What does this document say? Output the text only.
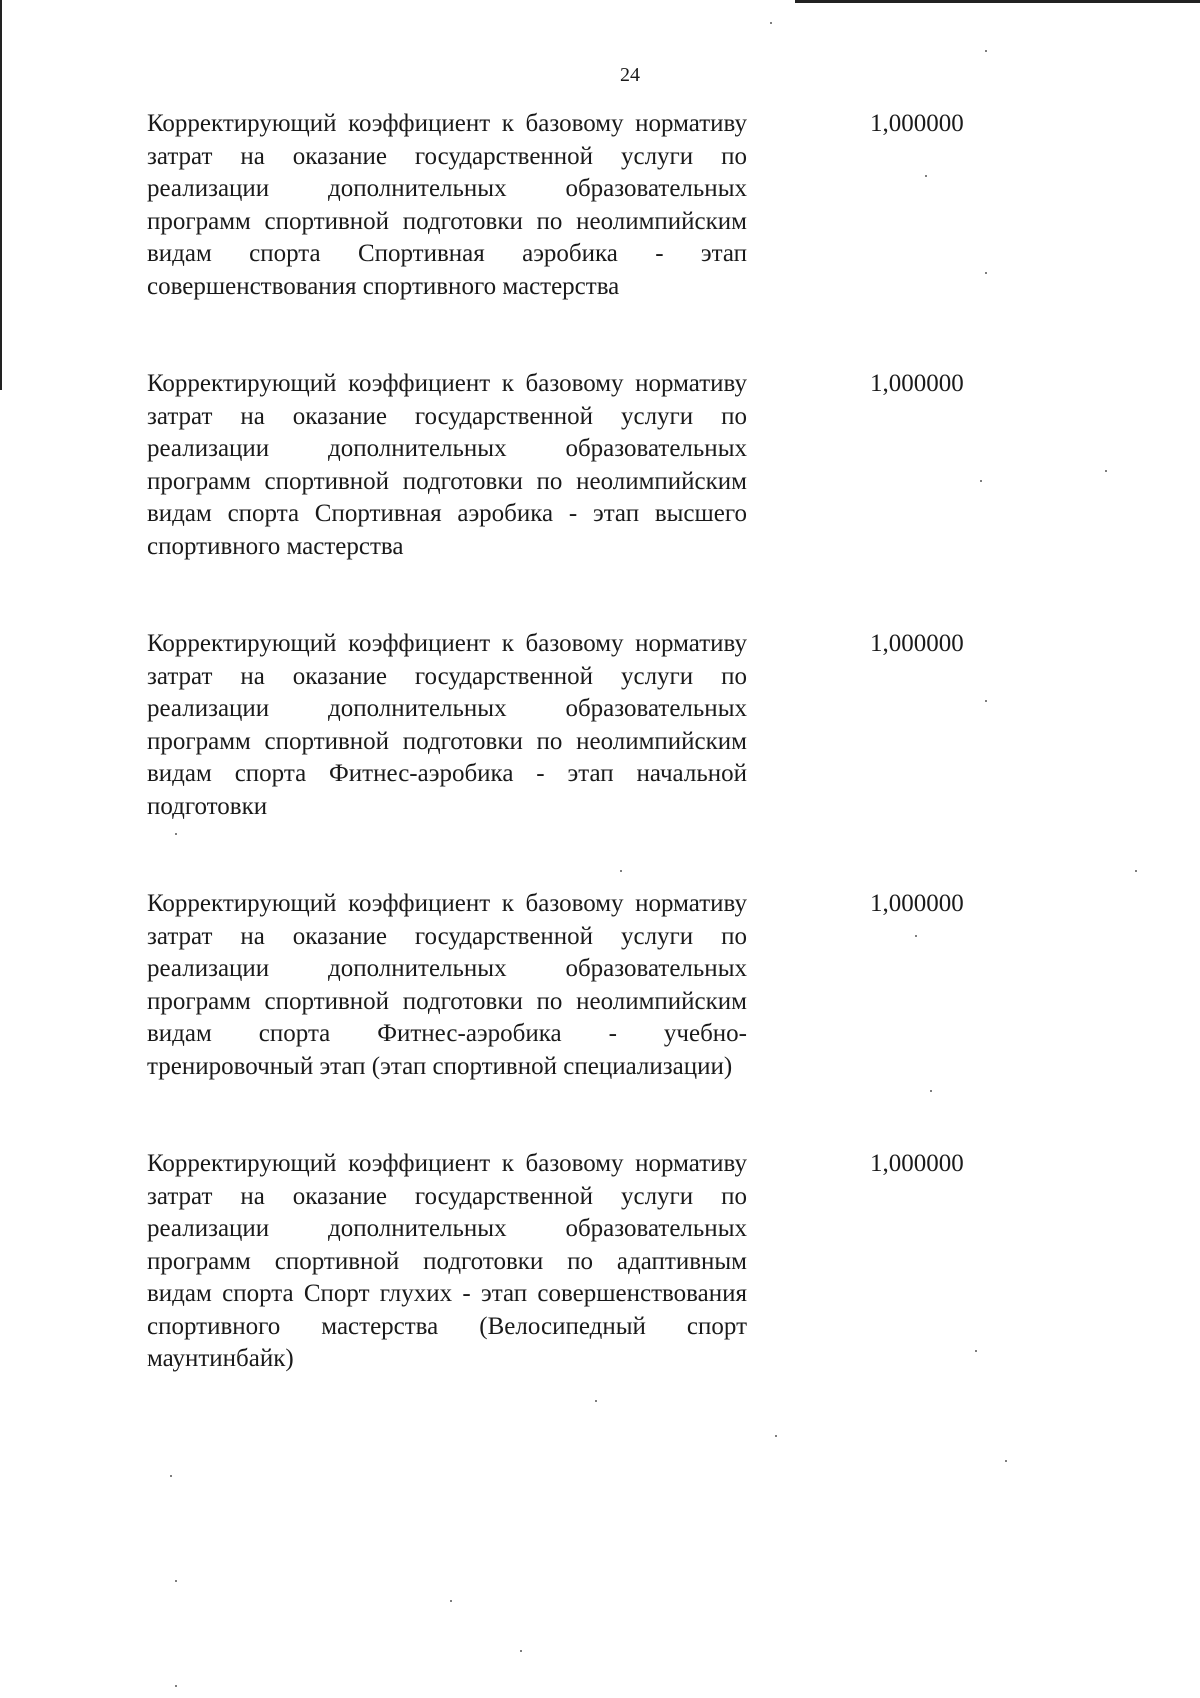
24
Корректирующий коэффициент к базовому нормативу затрат на оказание государственной услуги по реализации дополнительных образовательных программ спортивной подготовки по неолимпийским видам спорта Спортивная аэробика - этап совершенствования спортивного мастерства
1,000000
Корректирующий коэффициент к базовому нормативу затрат на оказание государственной услуги по реализации дополнительных образовательных программ спортивной подготовки по неолимпийским видам спорта Спортивная аэробика - этап высшего спортивного мастерства
1,000000
Корректирующий коэффициент к базовому нормативу затрат на оказание государственной услуги по реализации дополнительных образовательных программ спортивной подготовки по неолимпийским видам спорта Фитнес-аэробика - этап начальной подготовки
1,000000
Корректирующий коэффициент к базовому нормативу затрат на оказание государственной услуги по реализации дополнительных образовательных программ спортивной подготовки по неолимпийским видам спорта Фитнес-аэробика - учебно-тренировочный этап (этап спортивной специализации)
1,000000
Корректирующий коэффициент к базовому нормативу затрат на оказание государственной услуги по реализации дополнительных образовательных программ спортивной подготовки по адаптивным видам спорта Спорт глухих - этап совершенствования спортивного мастерства (Велосипедный спорт маунтинбайк)
1,000000
